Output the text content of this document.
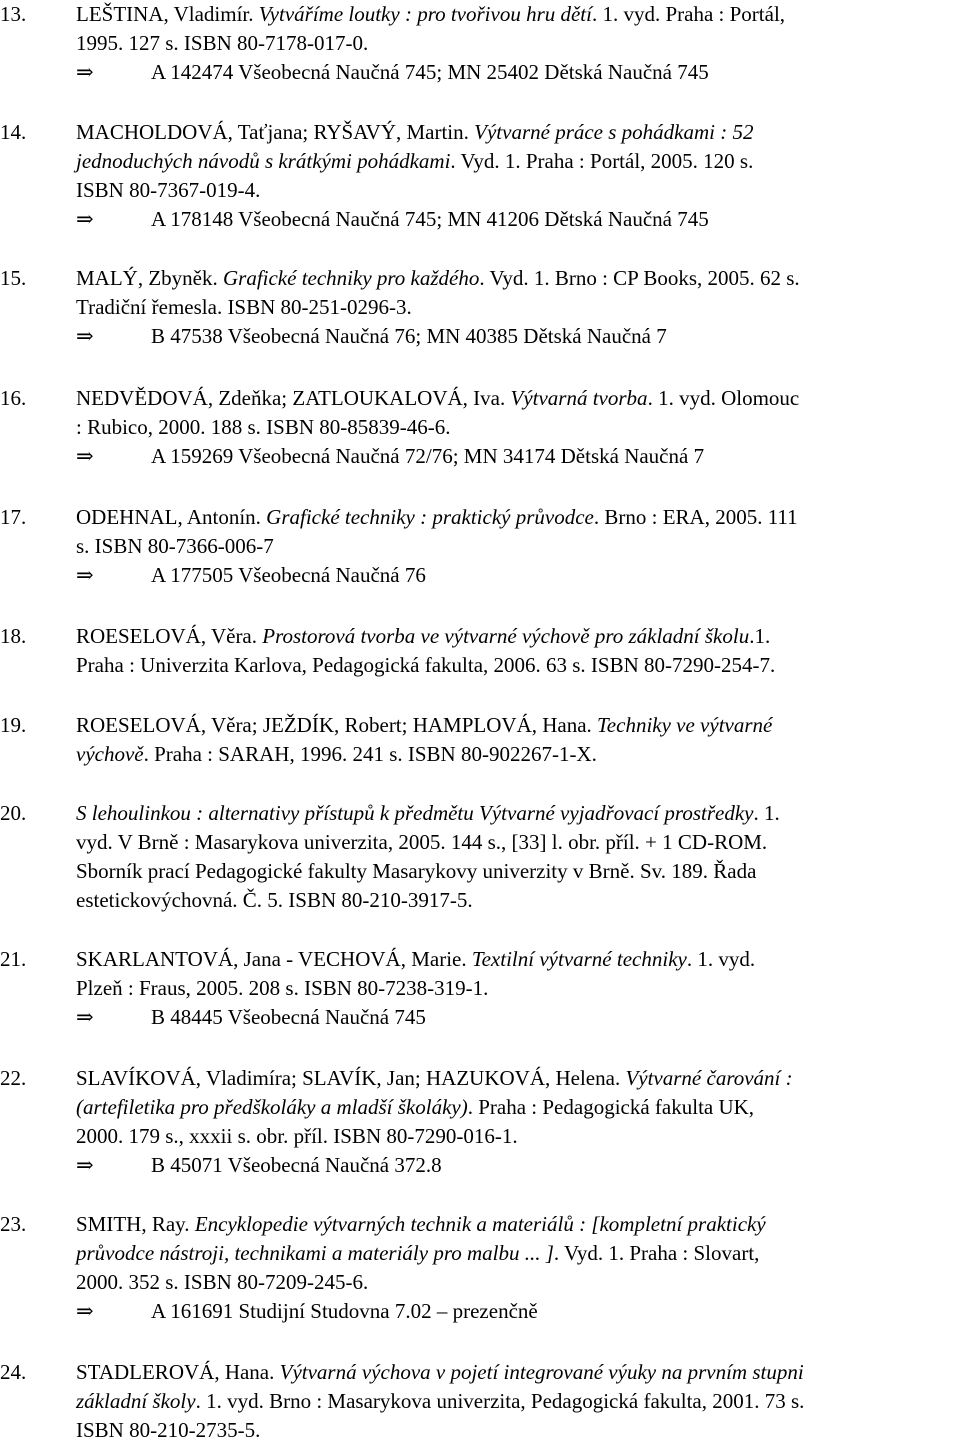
13.	LEŠTINA, Vladimír. Vytváříme loutky : pro tvořivou hru dětí. 1. vyd. Praha : Portál,
1995. 127 s. ISBN 80-7178-017-0.
⇒	A 142474 Všeobecná Naučná 745; MN 25402 Dětská Naučná 745
14.	MACHOLDOVÁ, Taťjana; RYŠAVÝ, Martin. Výtvarné práce s pohádkami : 52
jednoduchých návodů s krátkými pohádkami. Vyd. 1. Praha : Portál, 2005. 120 s.
ISBN 80-7367-019-4.
⇒	A 178148 Všeobecná Naučná 745; MN 41206 Dětská Naučná 745
15.	MALÝ, Zbyněk. Grafické techniky pro každého. Vyd. 1. Brno : CP Books, 2005. 62 s.
Tradiční řemesla. ISBN 80-251-0296-3.
⇒	B 47538 Všeobecná Naučná 76; MN 40385 Dětská Naučná 7
16.	NEDVĚDOVÁ, Zdeňka; ZATLOUKALOVÁ, Iva. Výtvarná tvorba. 1. vyd. Olomouc
: Rubico, 2000. 188 s. ISBN 80-85839-46-6.
⇒	A 159269 Všeobecná Naučná 72/76; MN 34174 Dětská Naučná 7
17.	ODEHNAL, Antonín. Grafické techniky : praktický průvodce. Brno : ERA, 2005. 111
s. ISBN 80-7366-006-7
⇒	A 177505 Všeobecná Naučná 76
18.	ROESELOVÁ, Věra. Prostorová tvorba ve výtvarné výchově pro základní školu.1.
Praha : Univerzita Karlova, Pedagogická fakulta, 2006. 63 s. ISBN 80-7290-254-7.
19.	ROESELOVÁ, Věra; JEŽDÍK, Robert; HAMPLOVÁ, Hana. Techniky ve výtvarné
výchově. Praha : SARAH, 1996. 241 s. ISBN 80-902267-1-X.
20.	S lehoulinkou : alternativy přístupů k předmětu Výtvarné vyjadřovací prostředky. 1.
vyd. V Brně : Masarykova univerzita, 2005. 144 s., [33] l. obr. příl. + 1 CD-ROM.
Sborník prací Pedagogické fakulty Masarykovy univerzity v Brně. Sv. 189. Řada
estetickovýchovná. Č. 5. ISBN 80-210-3917-5.
21.	SKARLANTOVÁ, Jana - VECHOVÁ, Marie. Textilní výtvarné techniky. 1. vyd.
Plzeň : Fraus, 2005. 208 s. ISBN 80-7238-319-1.
⇒	B 48445 Všeobecná Naučná 745
22.	SLAVÍKOVÁ, Vladimíra; SLAVÍK, Jan; HAZUKOVÁ, Helena. Výtvarné čarování :
(artefiletika pro předškoláky a mladší školáky). Praha : Pedagogická fakulta UK,
2000. 179 s., xxxii s. obr. příl. ISBN 80-7290-016-1.
⇒	B 45071 Všeobecná Naučná 372.8
23.	SMITH, Ray. Encyklopedie výtvarných technik a materiálů : [kompletní praktický
průvodce nástroji, technikami a materiály pro malbu ... ]. Vyd. 1. Praha : Slovart,
2000. 352 s. ISBN 80-7209-245-6.
⇒	A 161691 Studijní Studovna 7.02 – prezenčně
24.	STADLEROVÁ, Hana. Výtvarná výchova v pojetí integrované výuky na prvním stupni
základní školy. 1. vyd. Brno : Masarykova univerzita, Pedagogická fakulta, 2001. 73 s.
ISBN 80-210-2735-5.
